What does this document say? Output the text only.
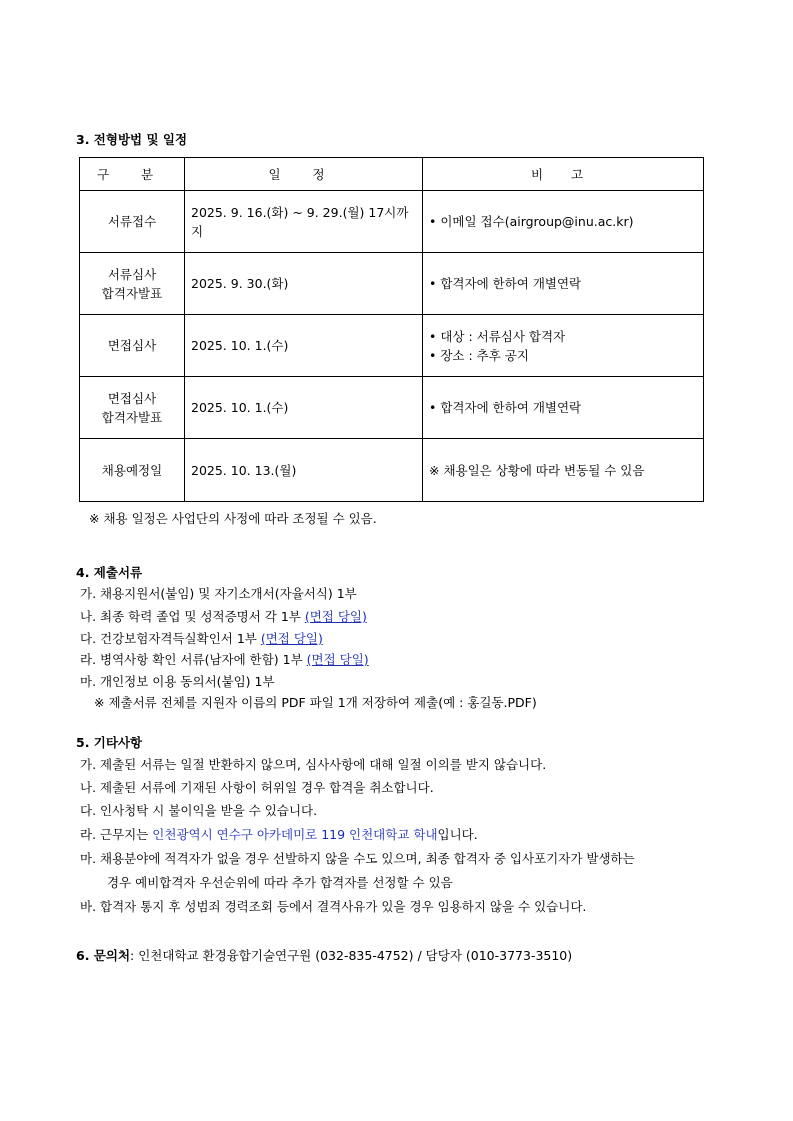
3. 전형방법 및 일정
구 분	일 정	비 고

서류접수	2025. 9. 16.(화) ~ 9. 29.(월) 17시까지	• 이메일 접수(airgroup@inu.ac.kr)

서류심사
합격자발표	2025. 9. 30.(화)	• 합격자에 한하여 개별연락

면접심사	2025. 10. 1.(수)	• 대상 : 서류심사 합격자
• 장소 : 추후 공지

면접심사
합격자발표	2025. 10. 1.(수)	• 합격자에 한하여 개별연락

채용예정일	2025. 10. 13.(월)	※ 채용일은 상황에 따라 변동될 수 있음
※ 채용 일정은 사업단의 사정에 따라 조정될 수 있음.
4. 제출서류
가. 채용지원서(붙임) 및 자기소개서(자율서식) 1부
나. 최종 학력 졸업 및 성적증명서 각 1부 (면접 당일)
다. 건강보험자격득실확인서 1부 (면접 당일)
라. 병역사항 확인 서류(남자에 한함) 1부 (면접 당일)
마. 개인정보 이용 동의서(붙임) 1부
※ 제출서류 전체를 지원자 이름의 PDF 파일 1개 저장하여 제출(예 : 홍길동.PDF)
5. 기타사항
가. 제출된 서류는 일절 반환하지 않으며, 심사사항에 대해 일절 이의를 받지 않습니다.
나. 제출된 서류에 기재된 사항이 허위일 경우 합격을 취소합니다.
다. 인사청탁 시 불이익을 받을 수 있습니다.
라. 근무지는 인천광역시 연수구 아카데미로 119 인천대학교 학내입니다.
마. 채용분야에 적격자가 없을 경우 선발하지 않을 수도 있으며, 최종 합격자 중 입사포기자가 발생하는
경우 예비합격자 우선순위에 따라 추가 합격자를 선정할 수 있음
바. 합격자 통지 후 성범죄 경력조회 등에서 결격사유가 있을 경우 임용하지 않을 수 있습니다.
6. 문의처: 인천대학교 환경융합기술연구원 (032-835-4752) / 담당자 (010-3773-3510)
